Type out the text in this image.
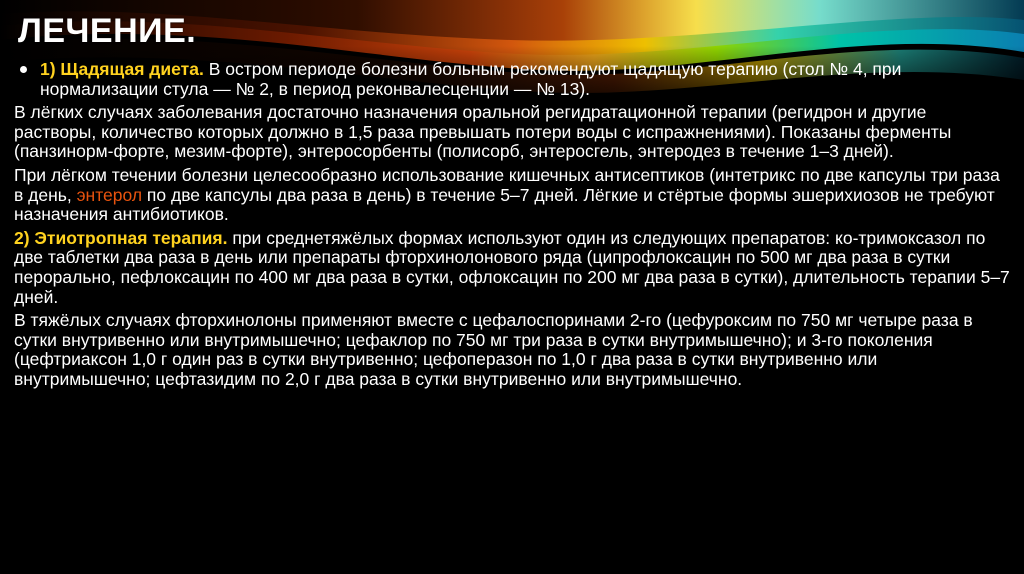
ЛЕЧЕНИЕ.

1) Щадящая диета. В остром периоде болезни больным рекомендуют щадящую терапию (стол № 4, при нормализации стула — № 2, в период реконвалесценции — № 13).

В лёгких случаях заболевания достаточно назначения оральной регидратационной терапии (регидрон и другие растворы, количество которых должно в 1,5 раза превышать потери воды с испражнениями). Показаны ферменты (панзинорм-форте, мезим-форте), энтеросорбенты (полисорб, энтеросгель, энтеродез в течение 1–3 дней).

При лёгком течении болезни целесообразно использование кишечных антисептиков (интетрикс по две капсулы три раза в день, энтерол по две капсулы два раза в день) в течение 5–7 дней. Лёгкие и стёртые формы эшерихиозов не требуют назначения антибиотиков.

2) Этиотропная терапия. при среднетяжёлых формах используют один из следующих препаратов: ко-тримоксазол по две таблетки два раза в день или препараты фторхинолонового ряда (ципрофлоксацин по 500 мг два раза в сутки перорально, пефлоксацин по 400 мг два раза в сутки, офлоксацин по 200 мг два раза в сутки), длительность терапии 5–7 дней.

В тяжёлых случаях фторхинолоны применяют вместе с цефалоспоринами 2-го (цефуроксим по 750 мг четыре раза в сутки внутривенно или внутримышечно; цефаклор по 750 мг три раза в сутки внутримышечно); и 3-го поколения (цефтриаксон 1,0 г один раз в сутки внутривенно; цефоперазон по 1,0 г два раза в сутки внутривенно или внутримышечно; цефтазидим по 2,0 г два раза в сутки внутривенно или внутримышечно.
